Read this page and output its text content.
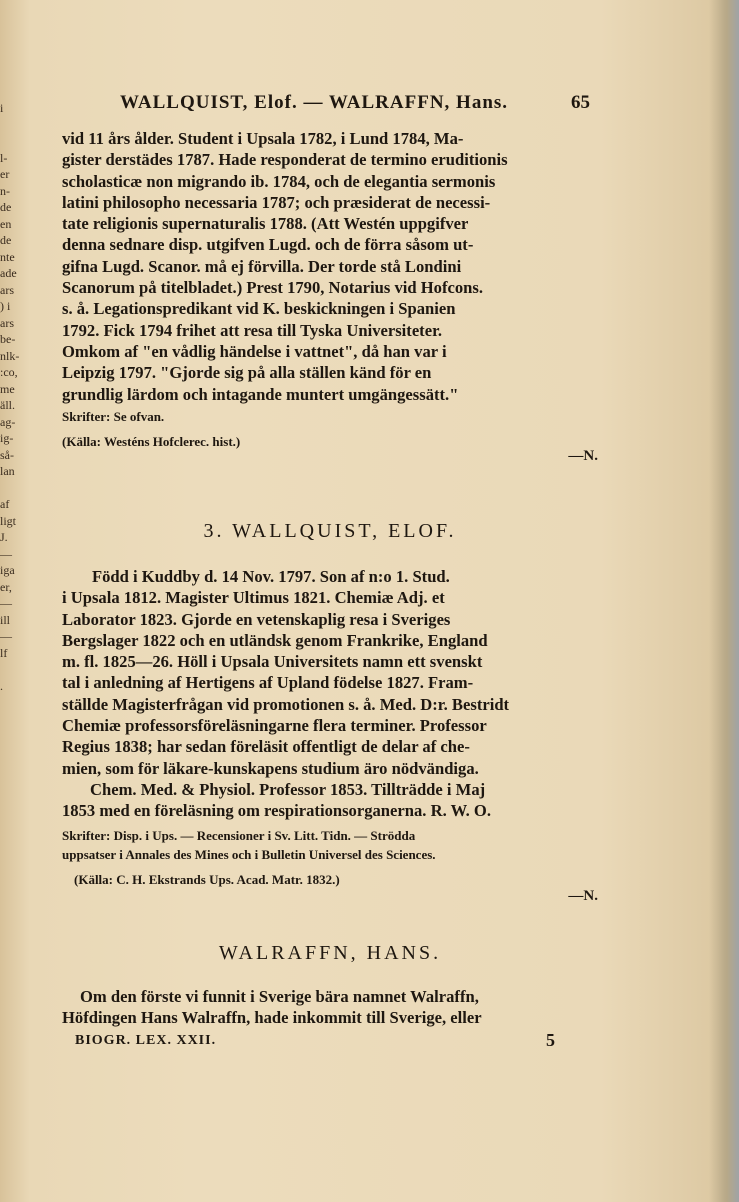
i

l-
er
n-
de
en
de
nte
ade
ars
) i
ars
be-
nlk-
:co,
me
äll.
ag-
ig-
så-
lan

af
ligt
J.
—
iga
er,
—
ill
—
lf

.
WALLQUIST, Elof. — WALRAFFN, Hans.	65
vid 11 års ålder. Student i Upsala 1782, i Lund 1784, Ma-
gister derstädes 1787. Hade responderat de termino eruditionis
scholasticæ non migrando ib. 1784, och de elegantia sermonis
latini philosopho necessaria 1787; och præsiderat de necessi-
tate religionis supernaturalis 1788. (Att Westén uppgifver
denna sednare disp. utgifven Lugd. och de förra såsom ut-
gifna Lugd. Scanor. må ej förvilla. Der torde stå Londini
Scanorum på titelbladet.) Prest 1790, Notarius vid Hofcons.
s. å. Legationspredikant vid K. beskickningen i Spanien
1792. Fick 1794 frihet att resa till Tyska Universiteter.
Omkom af "en vådlig händelse i vattnet", då han var i
Leipzig 1797. "Gjorde sig på alla ställen känd för en
grundlig lärdom och intagande muntert umgängessätt."
Skrifter: Se ofvan.
(Källa: Westéns Hofclerec. hist.)
—N.
3. WALLQUIST, ELOF.
Född i Kuddby d. 14 Nov. 1797. Son af n:o 1. Stud.
i Upsala 1812. Magister Ultimus 1821. Chemiæ Adj. et
Laborator 1823. Gjorde en vetenskaplig resa i Sveriges
Bergslager 1822 och en utländsk genom Frankrike, England
m. fl. 1825—26. Höll i Upsala Universitets namn ett svenskt
tal i anledning af Hertigens af Upland födelse 1827. Fram-
ställde Magisterfrågan vid promotionen s. å. Med. D:r. Bestridt
Chemiæ professorsföreläsningarne flera terminer. Professor
Regius 1838; har sedan föreläsit offentligt de delar af che-
mien, som för läkare-kunskapens studium äro nödvändiga.
Chem. Med. & Physiol. Professor 1853. Tillträdde i Maj
1853 med en föreläsning om respirationsorganerna. R. W. O.
Skrifter: Disp. i Ups. — Recensioner i Sv. Litt. Tidn. — Strödda
uppsatser i Annales des Mines och i Bulletin Universel des Sciences.
(Källa: C. H. Ekstrands Ups. Acad. Matr. 1832.)
—N.
WALRAFFN, HANS.
Om den förste vi funnit i Sverige bära namnet Walraffn,
Höfdingen Hans Walraffn, hade inkommit till Sverige, eller
BIOGR. LEX. XXII.	5
